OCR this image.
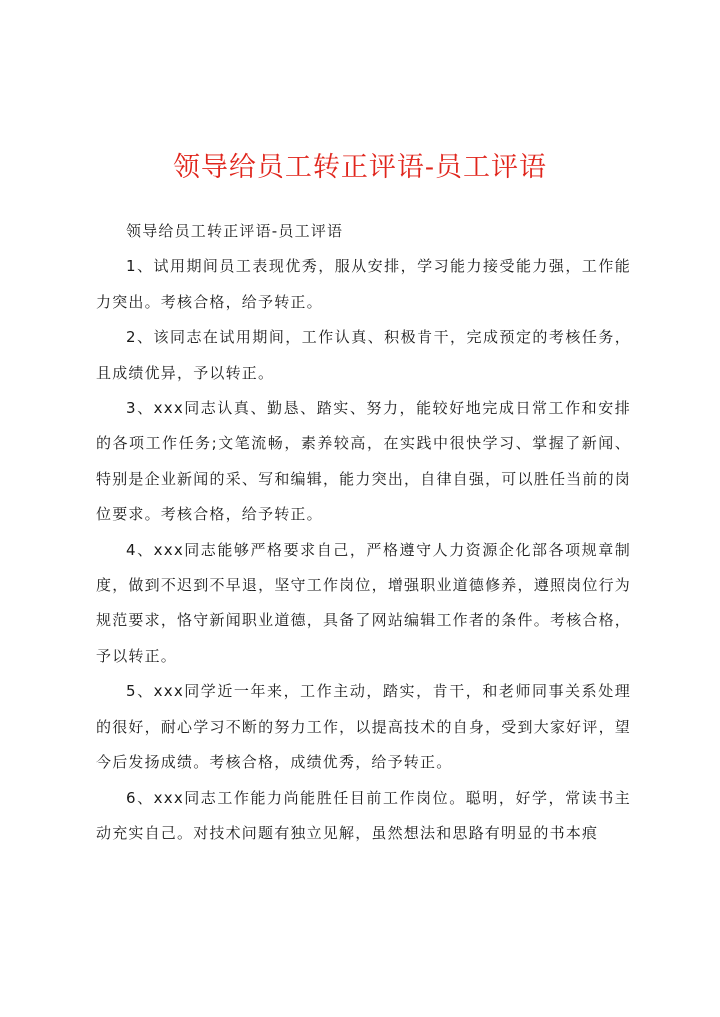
领导给员工转正评语-员工评语

领导给员工转正评语-员工评语

1、试用期间员工表现优秀，服从安排，学习能力接受能力强，工作能力突出。考核合格，给予转正。

2、该同志在试用期间，工作认真、积极肯干，完成预定的考核任务，且成绩优异，予以转正。

3、xxx同志认真、勤恳、踏实、努力，能较好地完成日常工作和安排的各项工作任务;文笔流畅，素养较高，在实践中很快学习、掌握了新闻、特别是企业新闻的采、写和编辑，能力突出，自律自强，可以胜任当前的岗位要求。考核合格，给予转正。

4、xxx同志能够严格要求自己，严格遵守人力资源企化部各项规章制度，做到不迟到不早退，坚守工作岗位，增强职业道德修养，遵照岗位行为规范要求，恪守新闻职业道德，具备了网站编辑工作者的条件。考核合格，予以转正。

5、xxx同学近一年来，工作主动，踏实，肯干，和老师同事关系处理的很好，耐心学习不断的努力工作，以提高技术的自身，受到大家好评，望今后发扬成绩。考核合格，成绩优秀，给予转正。

6、xxx同志工作能力尚能胜任目前工作岗位。聪明，好学，常读书主动充实自己。对技术问题有独立见解，虽然想法和思路有明显的书本痕
